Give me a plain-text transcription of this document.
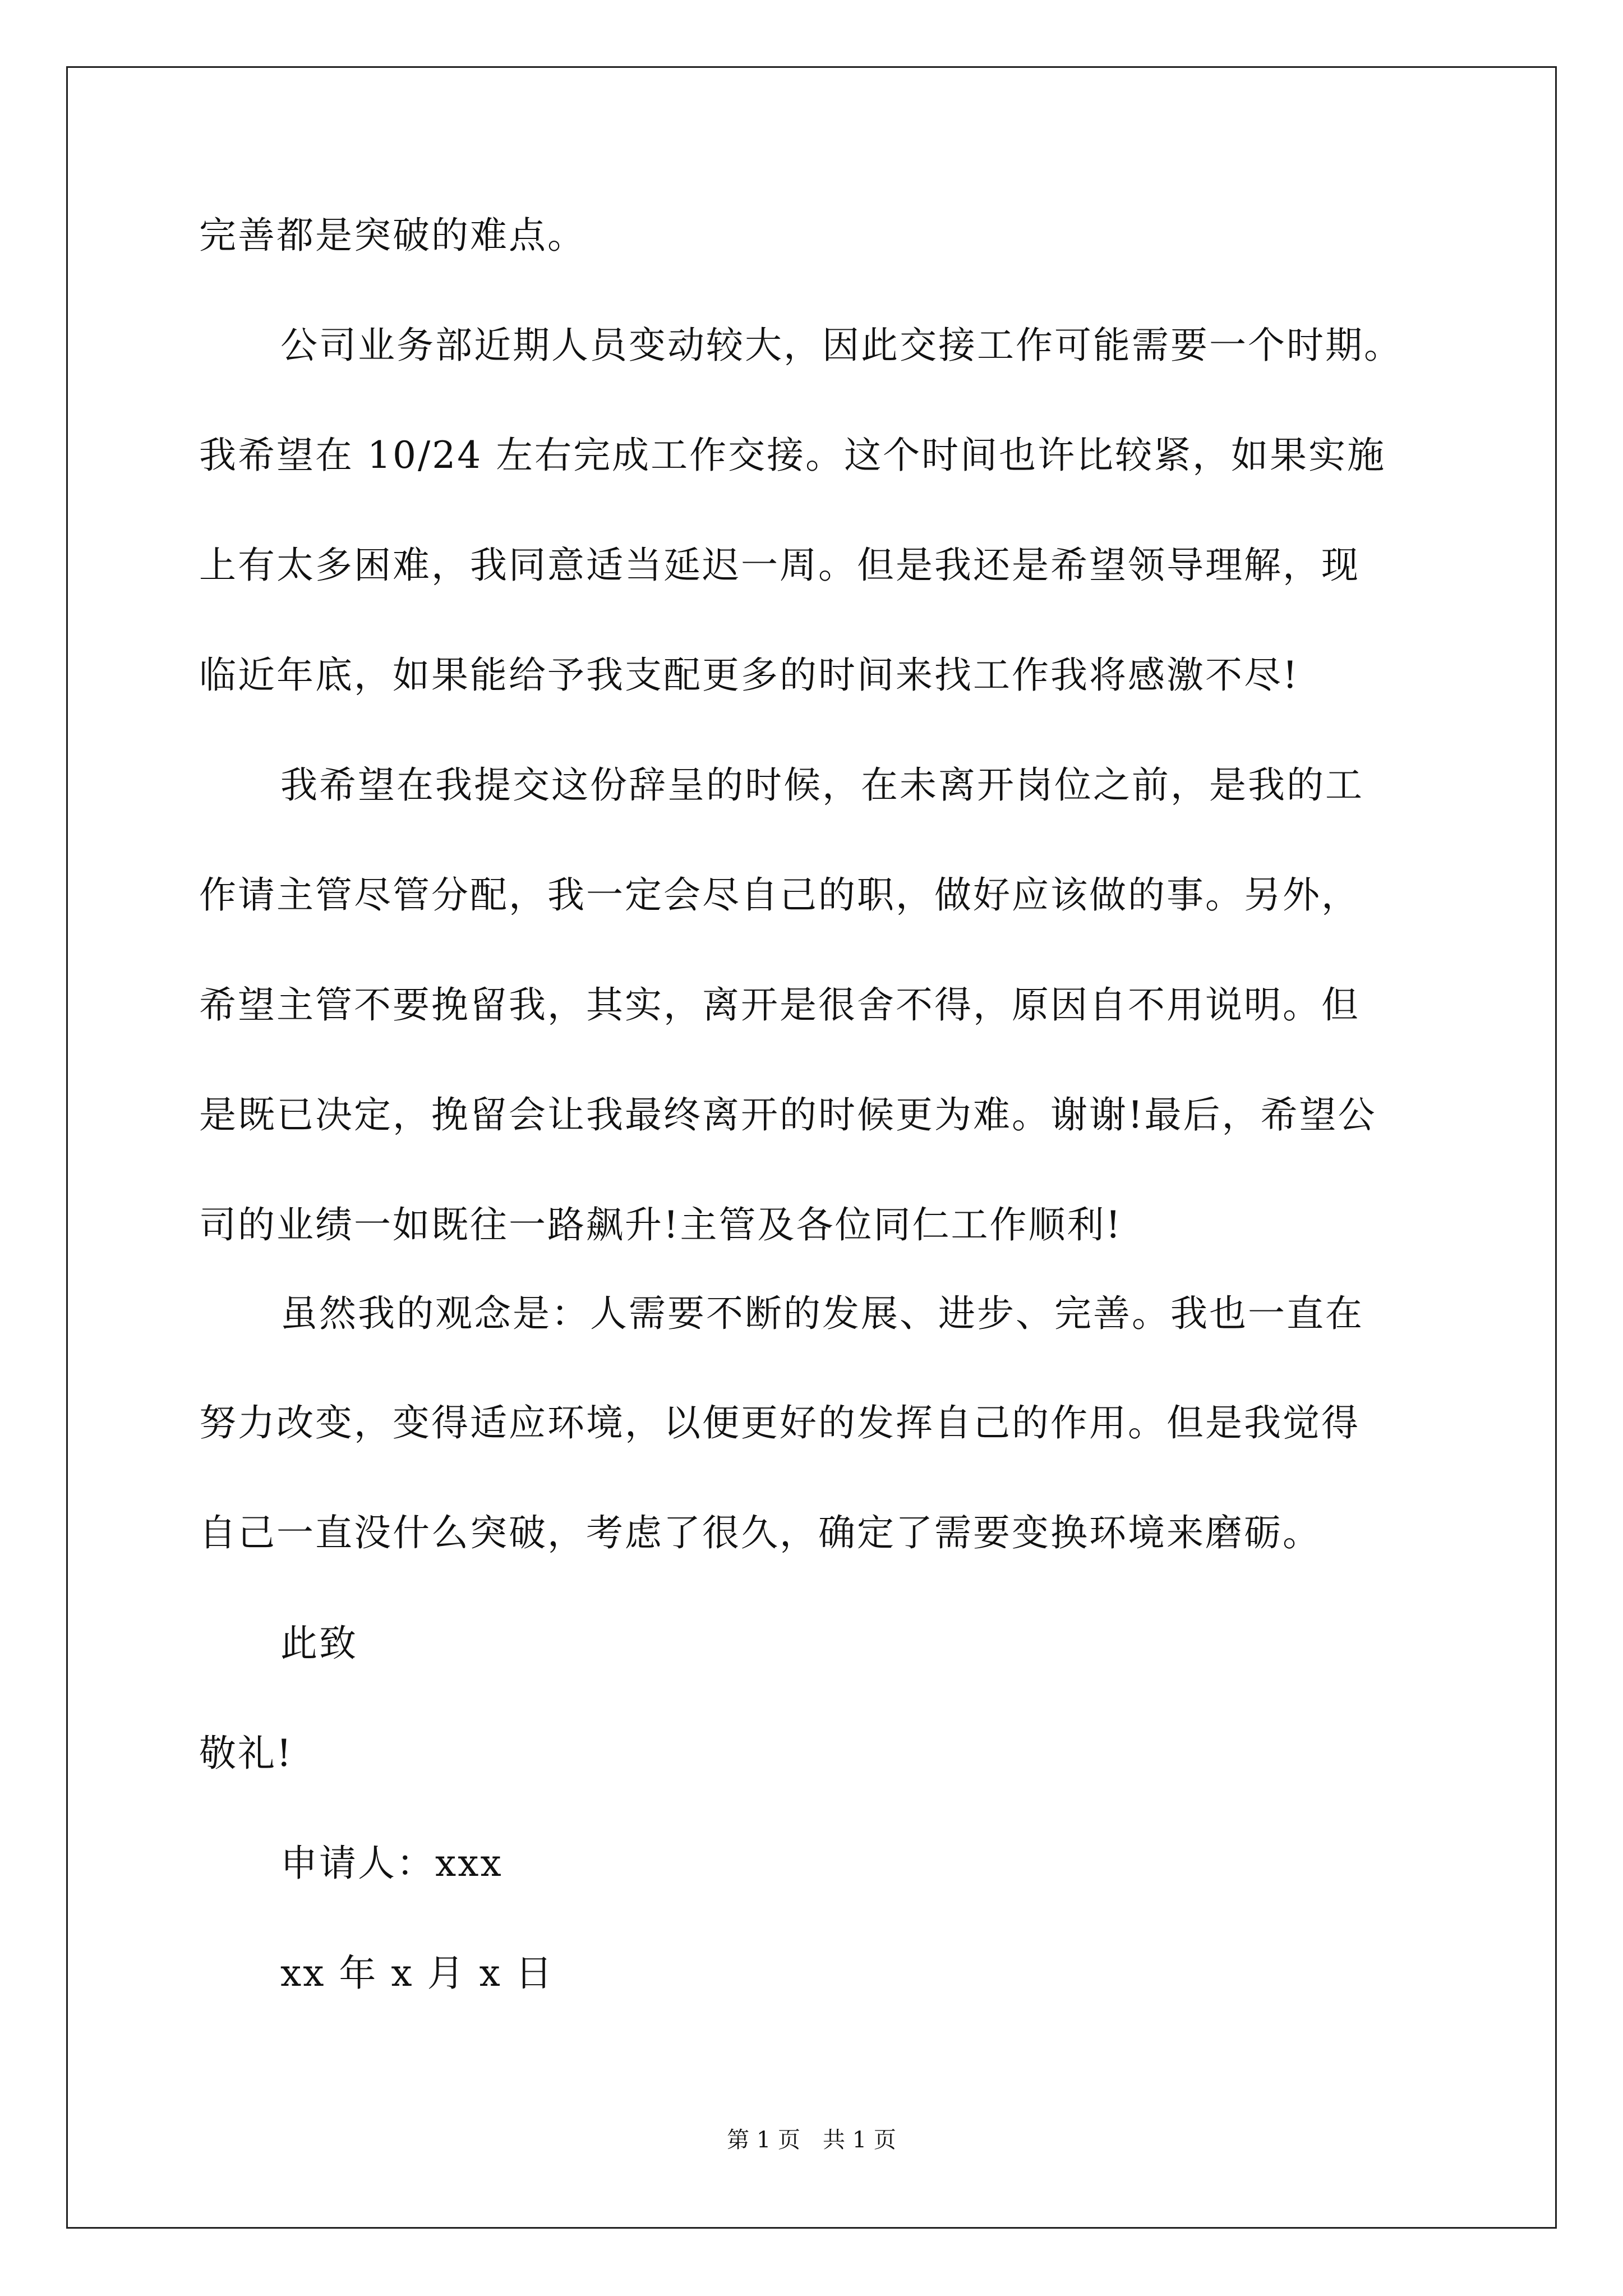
完善都是突破的难点。
公司业务部近期人员变动较大，因此交接工作可能需要一个时期。
我希望在 10/24 左右完成工作交接。这个时间也许比较紧，如果实施
上有太多困难，我同意适当延迟一周。但是我还是希望领导理解，现
临近年底，如果能给予我支配更多的时间来找工作我将感激不尽!
我希望在我提交这份辞呈的时候，在未离开岗位之前，是我的工
作请主管尽管分配，我一定会尽自己的职，做好应该做的事。另外，
希望主管不要挽留我，其实，离开是很舍不得，原因自不用说明。但
是既已决定，挽留会让我最终离开的时候更为难。谢谢!最后，希望公
司的业绩一如既往一路飙升!主管及各位同仁工作顺利!
虽然我的观念是：人需要不断的发展、进步、完善。我也一直在
努力改变，变得适应环境，以便更好的发挥自己的作用。但是我觉得
自己一直没什么突破，考虑了很久，确定了需要变换环境来磨砺。
此致
敬礼!
申请人：xxx
xx 年 x 月 x 日
第 1 页　共 1 页
